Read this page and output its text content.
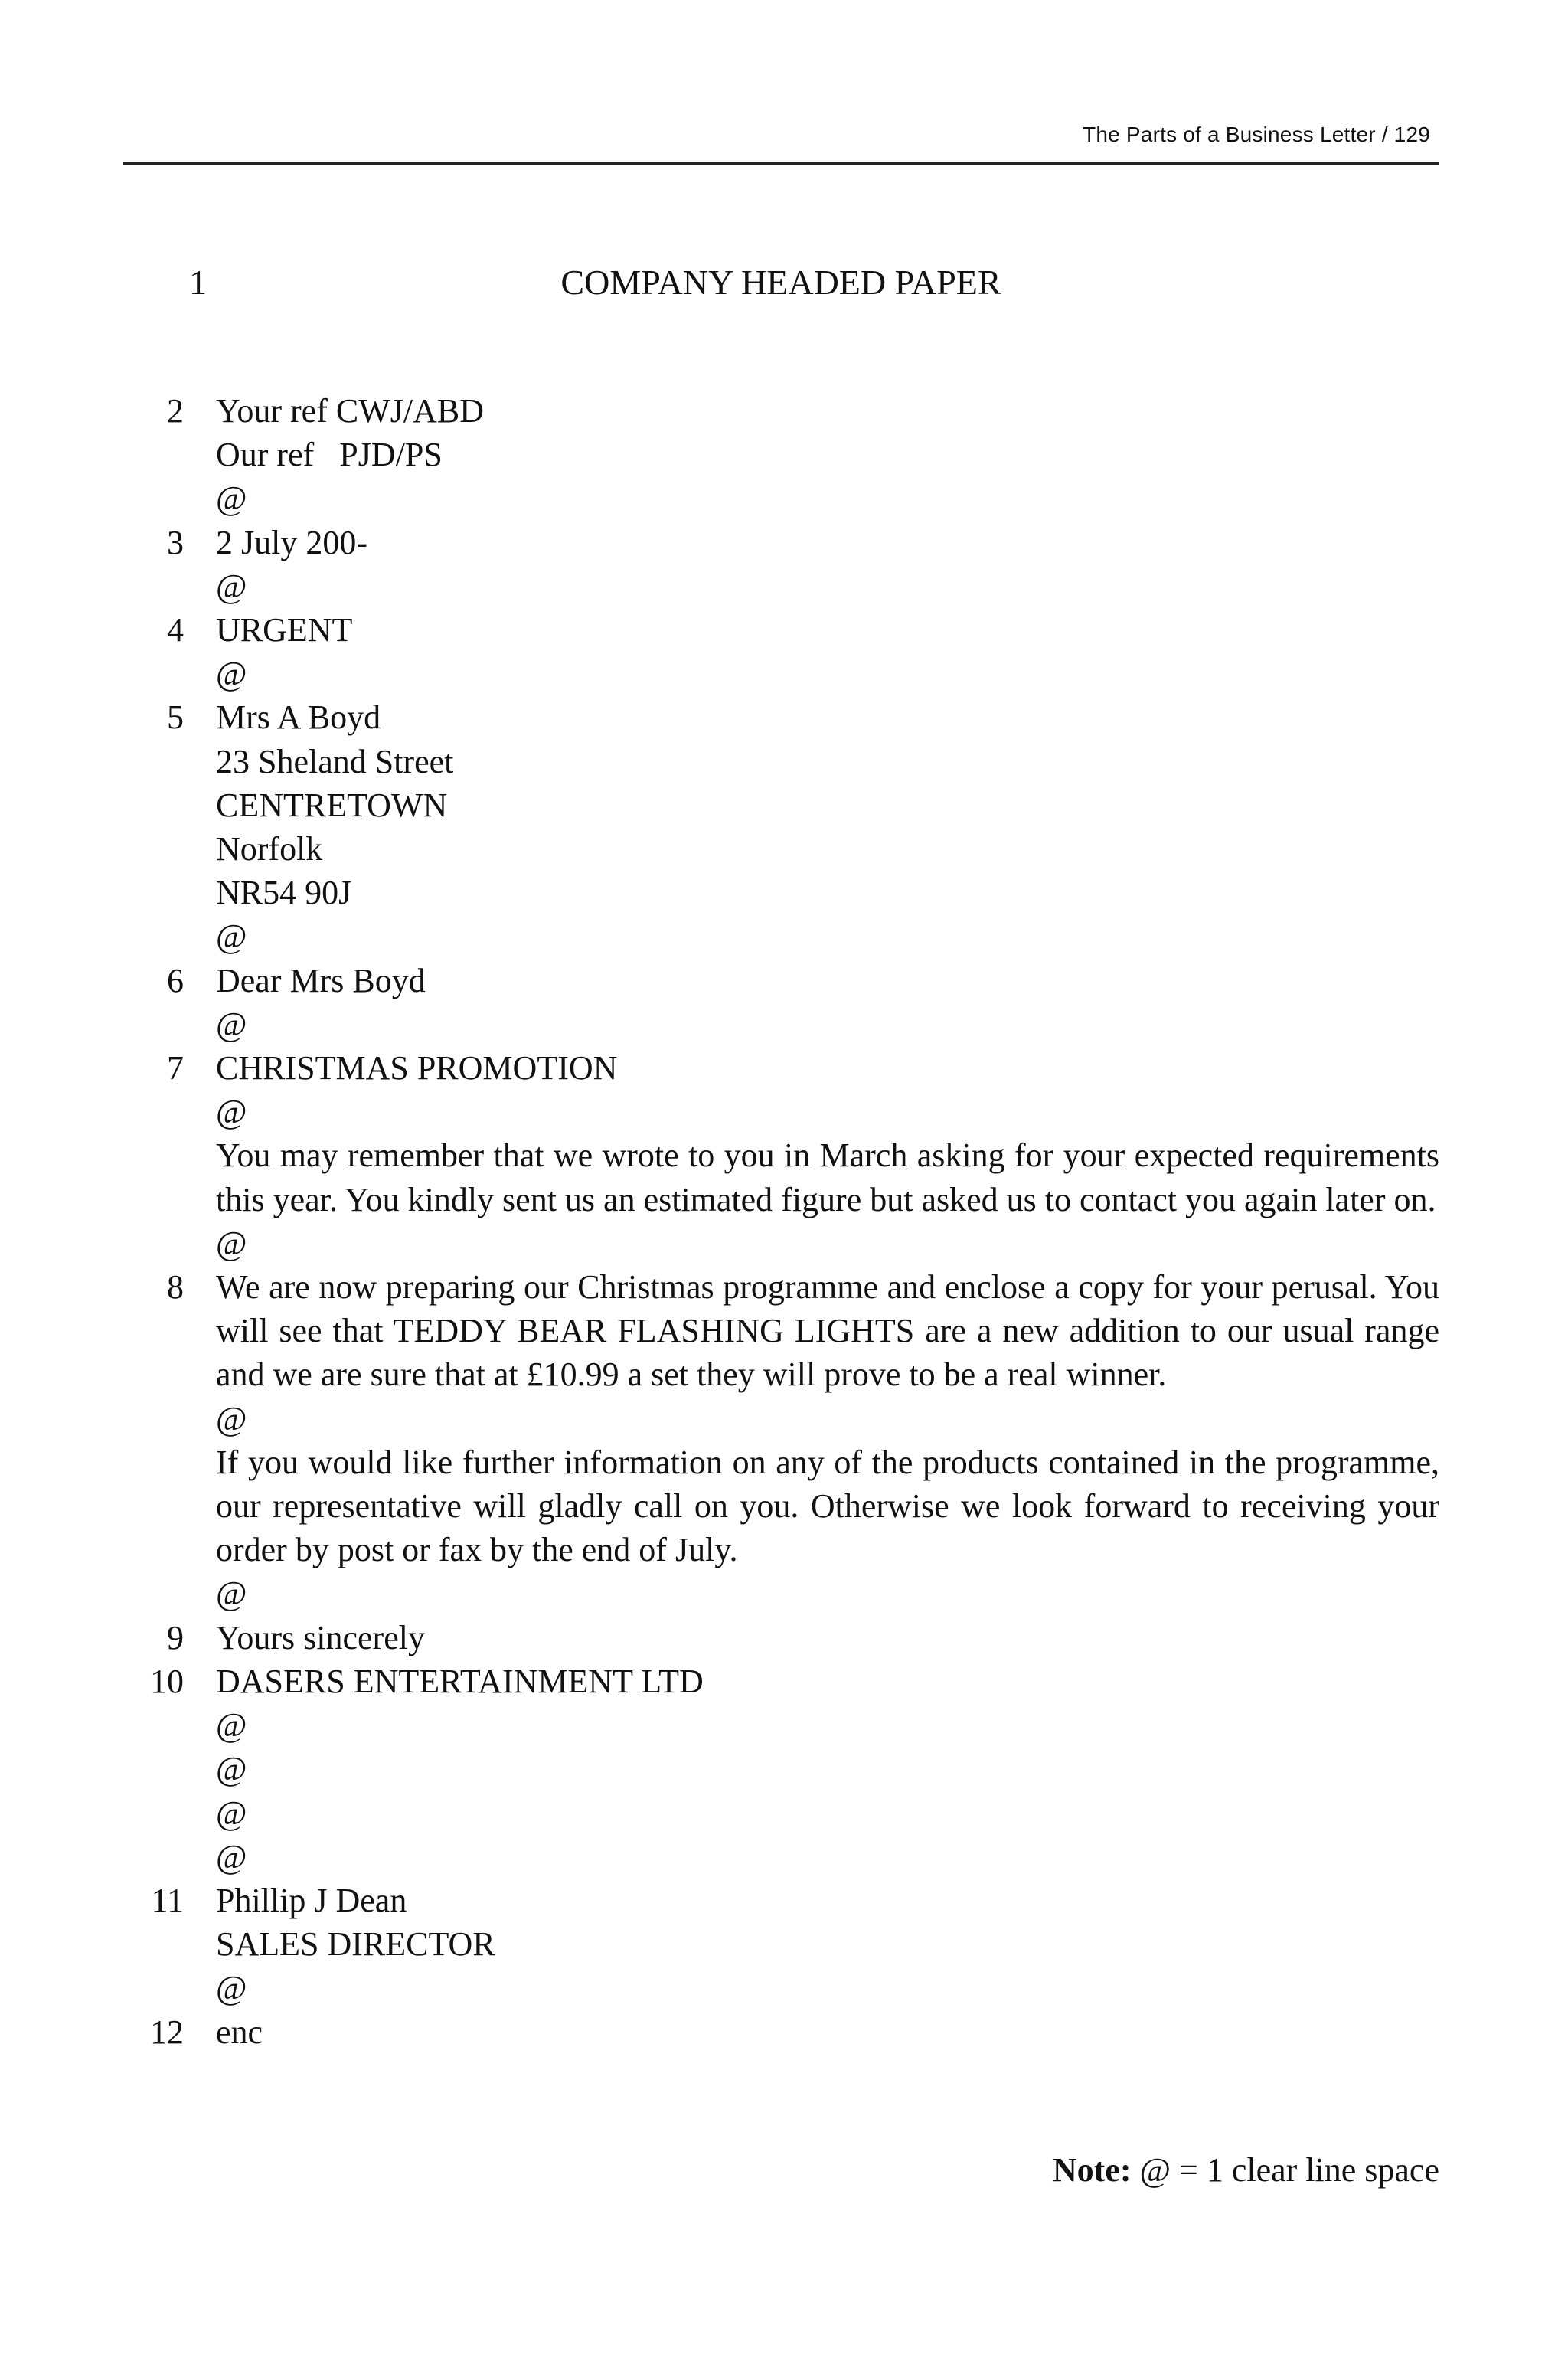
The Parts of a Business Letter / 129
1	COMPANY HEADED PAPER
2 Your ref CWJ/ABD
Our ref PJD/PS
@
3 2 July 200-
@
4 URGENT
@
5 Mrs A Boyd
23 Sheland Street
CENTRETOWN
Norfolk
NR54 90J
@
6 Dear Mrs Boyd
@
7 CHRISTMAS PROMOTION
@
You may remember that we wrote to you in March asking for your expected requirements this year. You kindly sent us an estimated figure but asked us to contact you again later on.
@
8 We are now preparing our Christmas programme and enclose a copy for your perusal. You will see that TEDDY BEAR FLASHING LIGHTS are a new addition to our usual range and we are sure that at £10.99 a set they will prove to be a real winner.
@
If you would like further information on any of the products contained in the programme, our representative will gladly call on you. Otherwise we look forward to receiving your order by post or fax by the end of July.
@
9 Yours sincerely
10 DASERS ENTERTAINMENT LTD
@
@
@
@
11 Phillip J Dean
SALES DIRECTOR
@
12 enc
Note: @ = 1 clear line space
